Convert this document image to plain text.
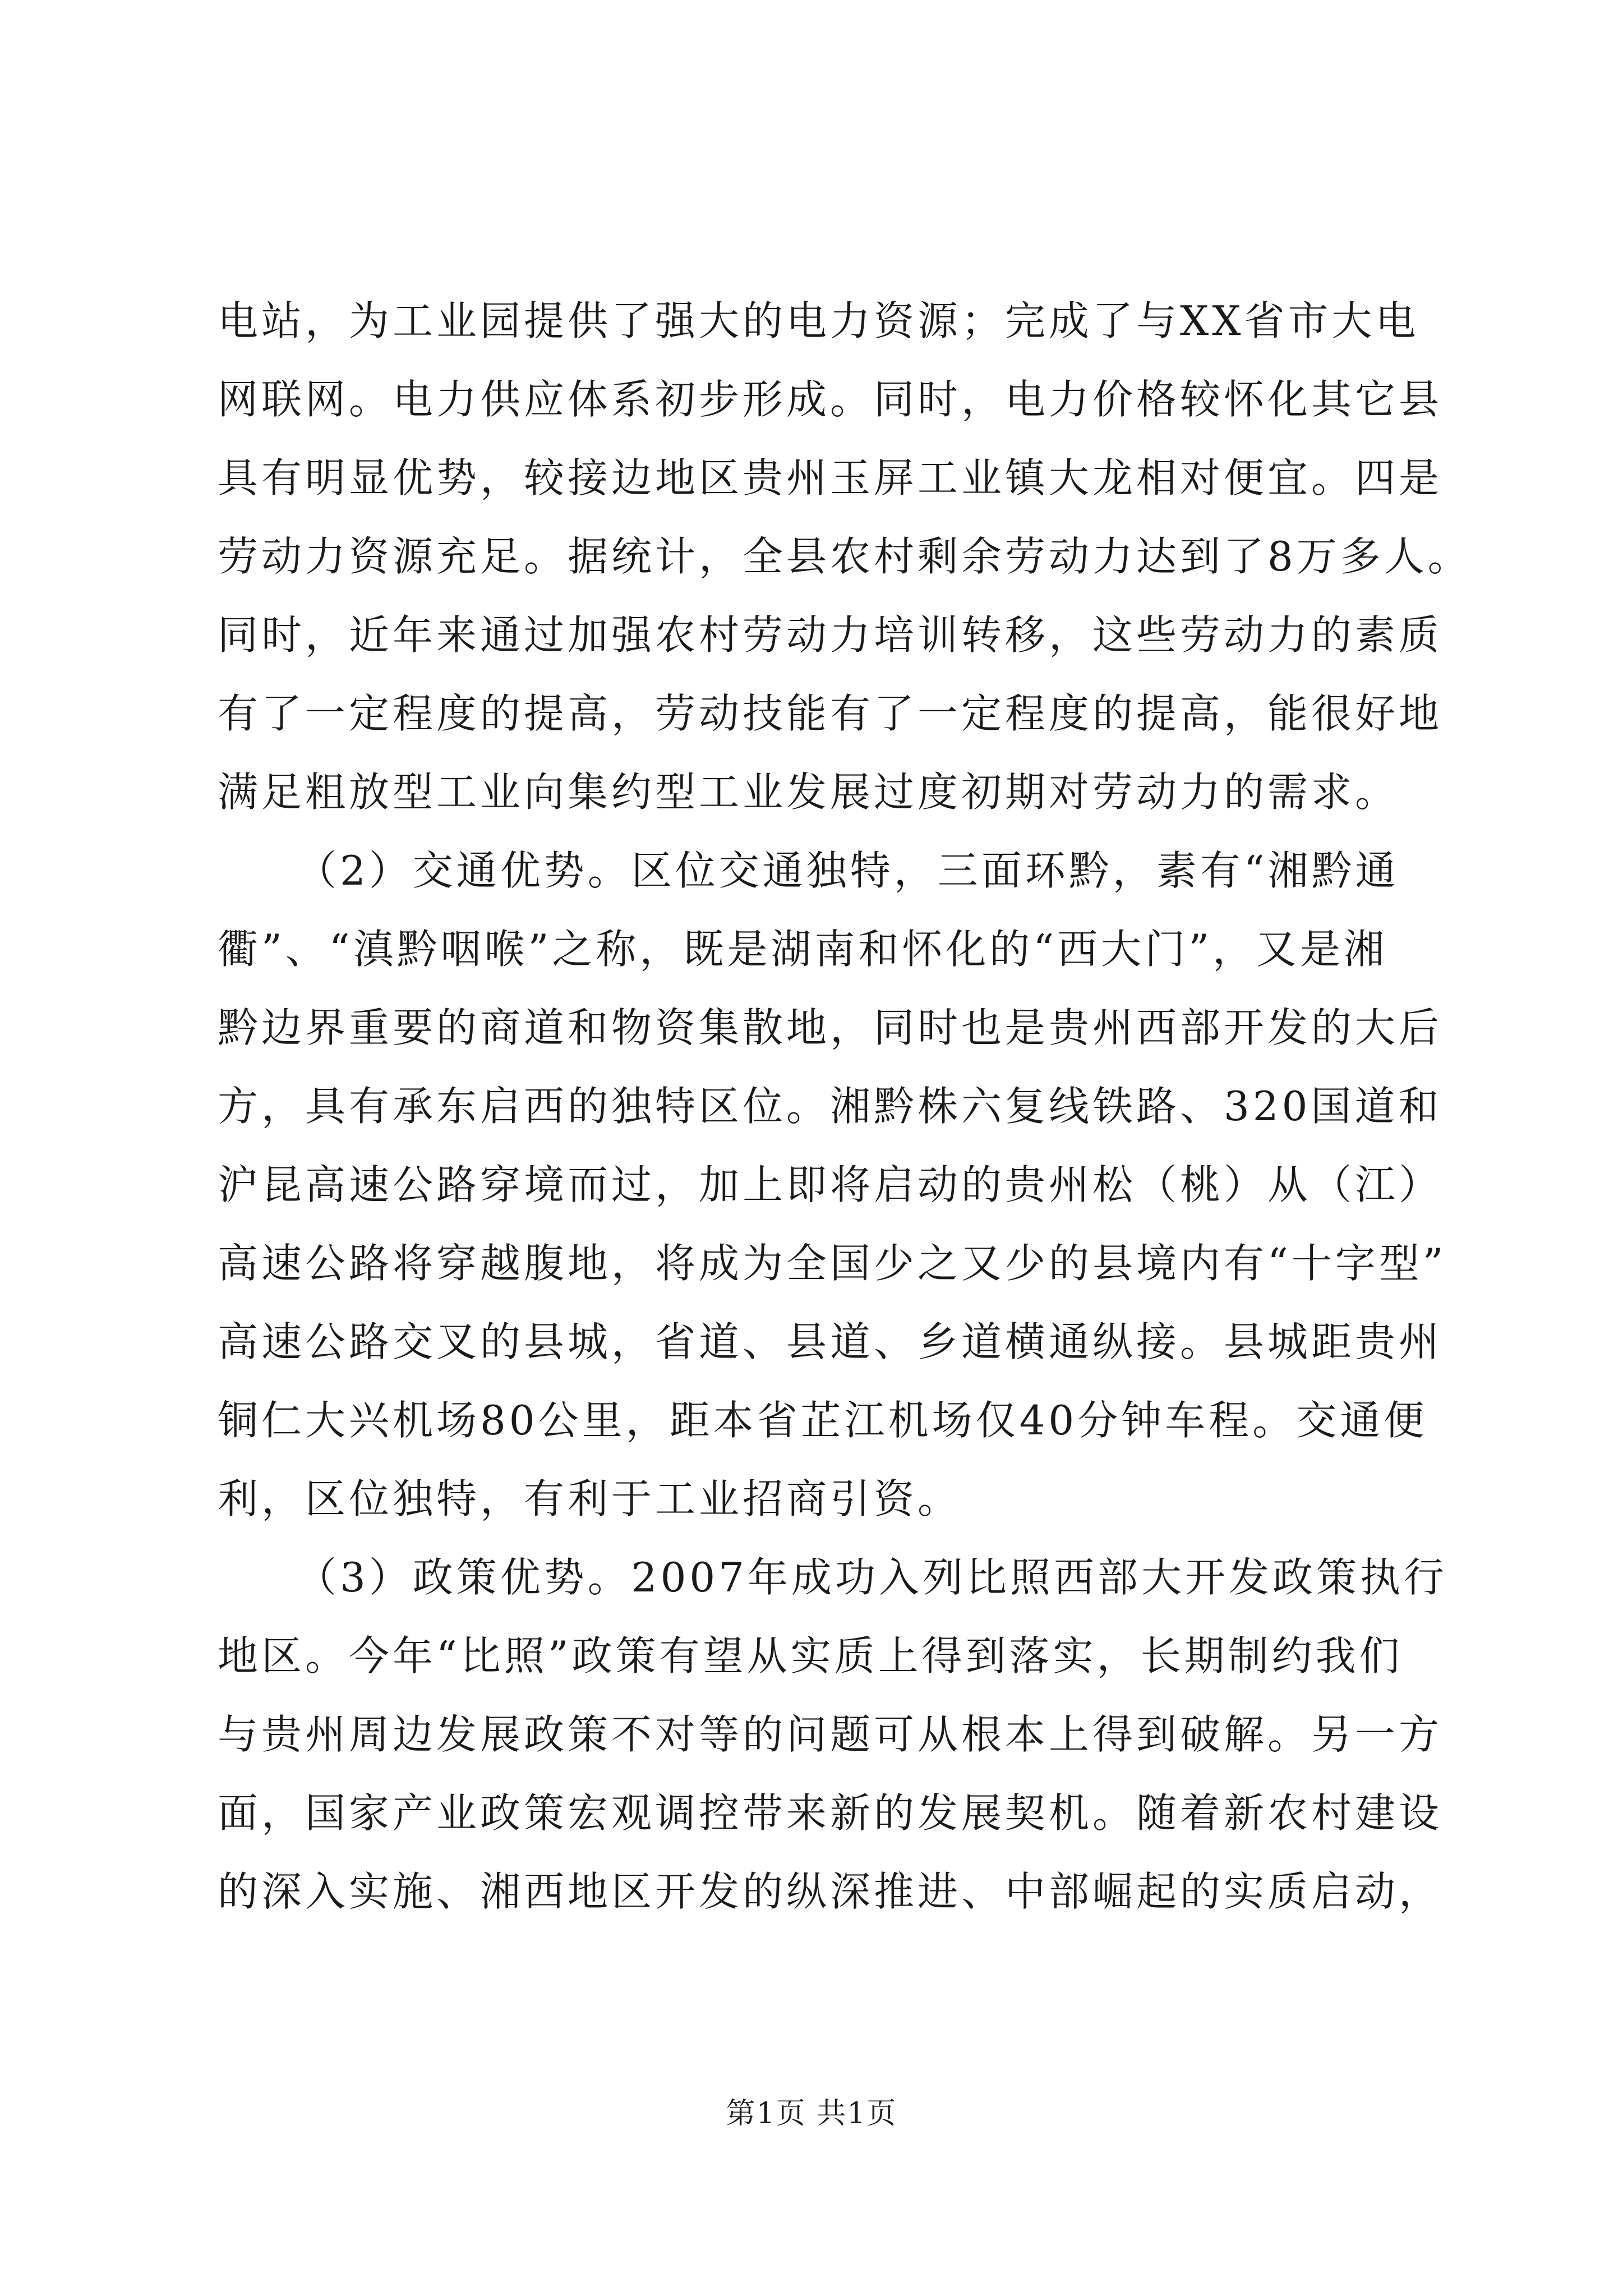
电站，为工业园提供了强大的电力资源；完成了与XX省市大电
网联网。电力供应体系初步形成。同时，电力价格较怀化其它县
具有明显优势，较接边地区贵州玉屏工业镇大龙相对便宜。四是
劳动力资源充足。据统计，全县农村剩余劳动力达到了8万多人。
同时，近年来通过加强农村劳动力培训转移，这些劳动力的素质
有了一定程度的提高，劳动技能有了一定程度的提高，能很好地
满足粗放型工业向集约型工业发展过度初期对劳动力的需求。
（2）交通优势。区位交通独特，三面环黔，素有“湘黔通
衢”、“滇黔咽喉”之称，既是湖南和怀化的“西大门”，又是湘
黔边界重要的商道和物资集散地，同时也是贵州西部开发的大后
方，具有承东启西的独特区位。湘黔株六复线铁路、320国道和
沪昆高速公路穿境而过，加上即将启动的贵州松（桃）从（江）
高速公路将穿越腹地，将成为全国少之又少的县境内有“十字型”
高速公路交叉的县城，省道、县道、乡道横通纵接。县城距贵州
铜仁大兴机场80公里，距本省芷江机场仅40分钟车程。交通便
利，区位独特，有利于工业招商引资。
（3）政策优势。2007年成功入列比照西部大开发政策执行
地区。今年“比照”政策有望从实质上得到落实，长期制约我们
与贵州周边发展政策不对等的问题可从根本上得到破解。另一方
面，国家产业政策宏观调控带来新的发展契机。随着新农村建设
的深入实施、湘西地区开发的纵深推进、中部崛起的实质启动，
第1页 共1页
